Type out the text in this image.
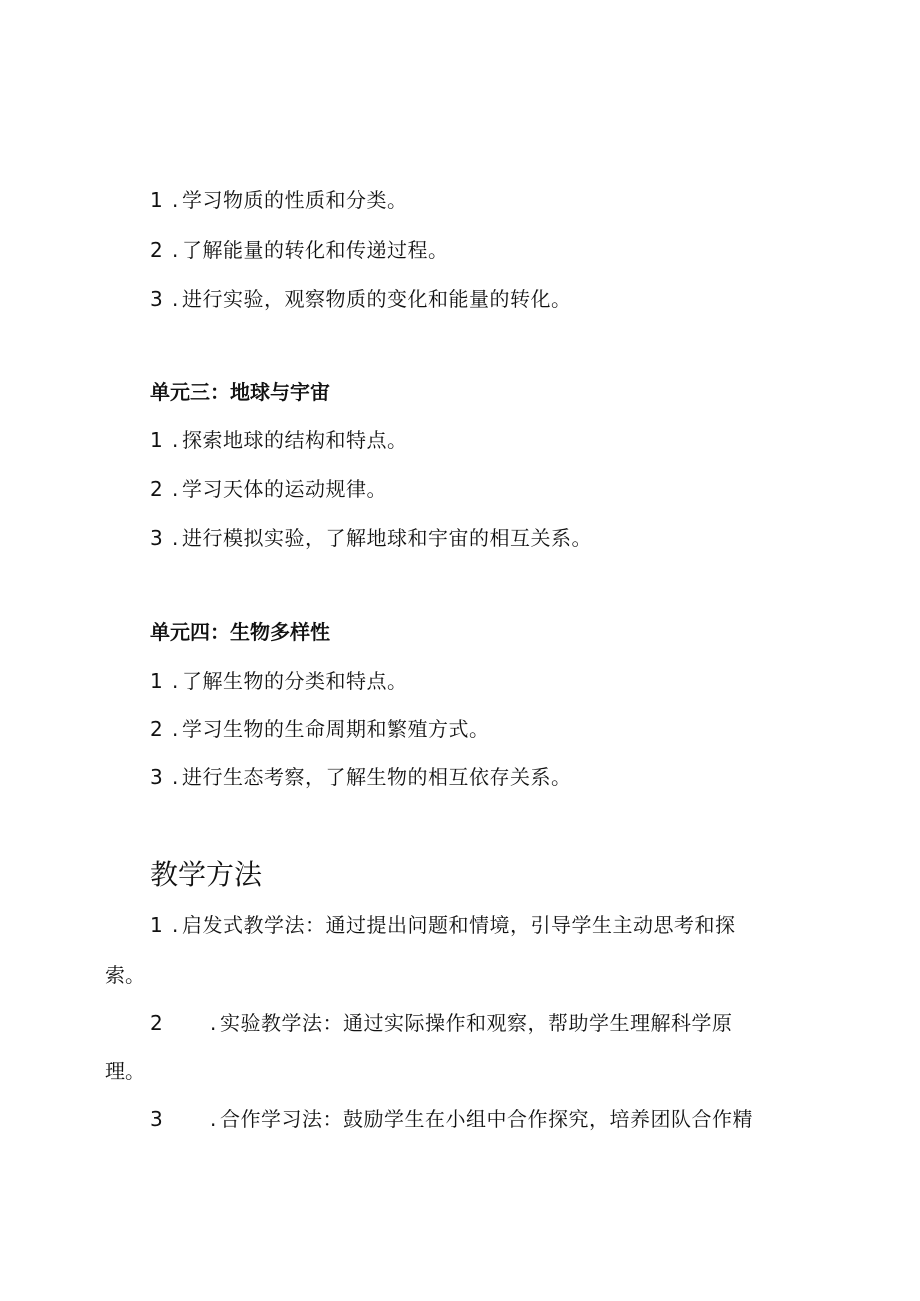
1 . 学习物质的性质和分类。
2 . 了解能量的转化和传递过程。
3 . 进行实验，观察物质的变化和能量的转化。
单元三：地球与宇宙
1 . 探索地球的结构和特点。
2 . 学习天体的运动规律。
3 . 进行模拟实验，了解地球和宇宙的相互关系。
单元四：生物多样性
1 . 了解生物的分类和特点。
2 . 学习生物的生命周期和繁殖方式。
3 . 进行生态考察，了解生物的相互依存关系。
教学方法
1 . 启发式教学法：通过提出问题和情境，引导学生主动思考和探
索。
2 . 实验教学法：通过实际操作和观察，帮助学生理解科学原
理。
3 . 合作学习法：鼓励学生在小组中合作探究，培养团队合作精
